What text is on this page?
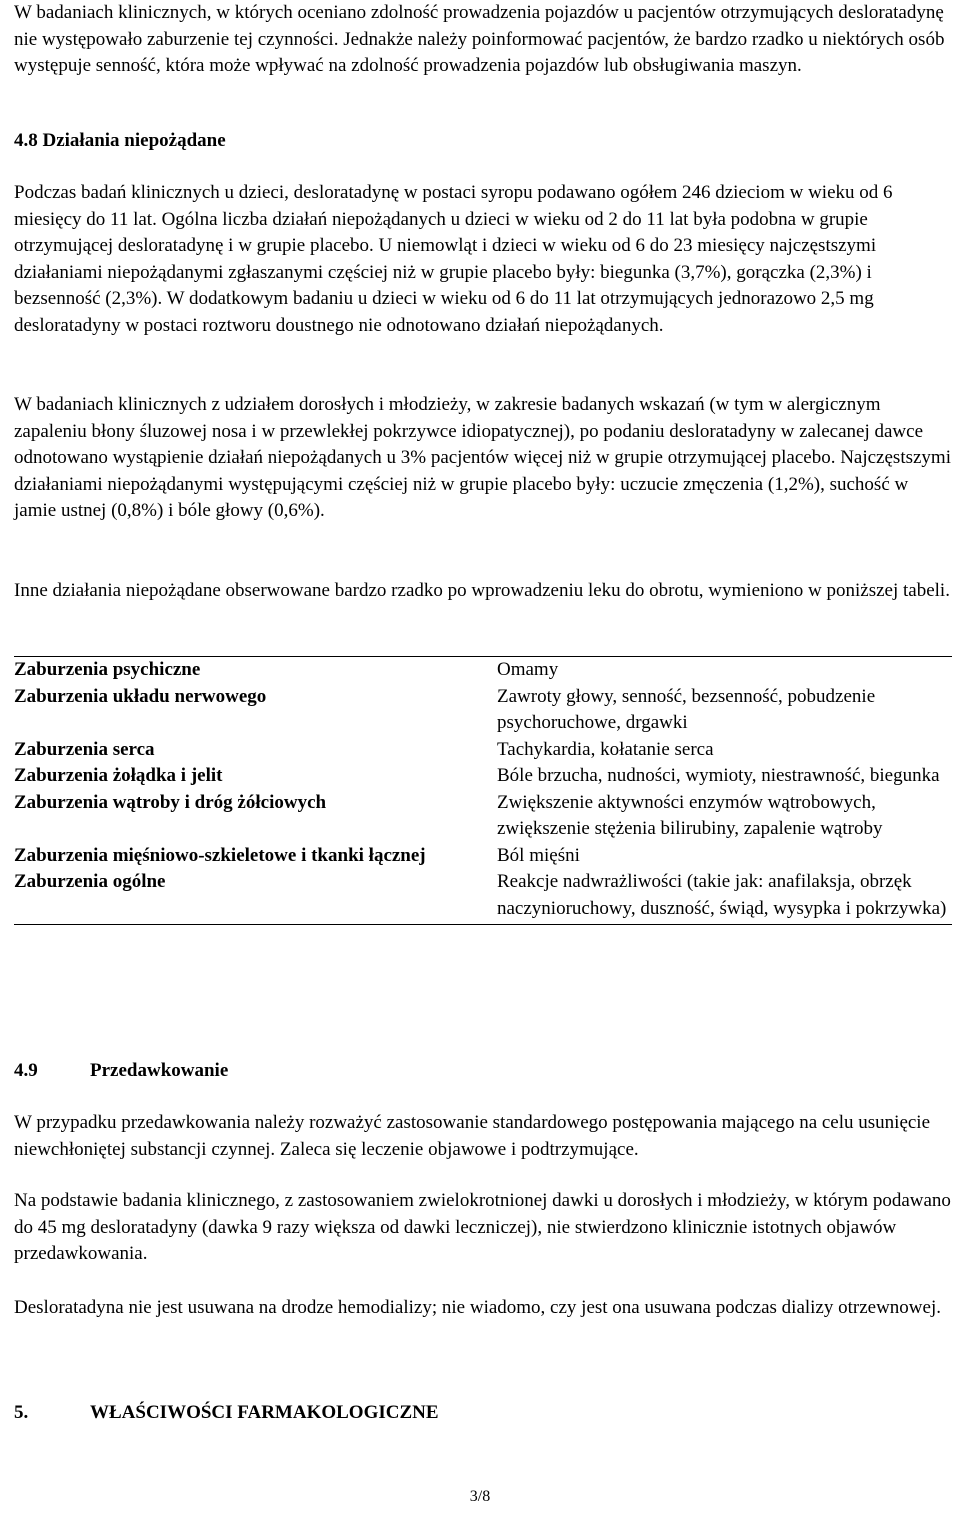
W badaniach klinicznych, w których oceniano zdolność prowadzenia pojazdów u pacjentów otrzymujących desloratadynę nie występowało zaburzenie tej czynności. Jednakże należy poinformować pacjentów, że bardzo rzadko u niektórych osób występuje senność, która może wpływać na zdolność prowadzenia pojazdów lub obsługiwania maszyn.

4.8 Działania niepożądane

Podczas badań klinicznych u dzieci, desloratadynę w postaci syropu podawano ogółem 246 dzieciom w wieku od 6 miesięcy do 11 lat. Ogólna liczba działań niepożądanych u dzieci w wieku od 2 do 11 lat była podobna w grupie otrzymującej desloratadynę i w grupie placebo. U niemowląt i dzieci w wieku od 6 do 23 miesięcy najczęstszymi działaniami niepożądanymi zgłaszanymi częściej niż w grupie placebo były: biegunka (3,7%), gorączka (2,3%) i bezsenność (2,3%). W dodatkowym badaniu u dzieci w wieku od 6 do 11 lat otrzymujących jednorazowo 2,5 mg desloratadyny w postaci roztworu doustnego nie odnotowano działań niepożądanych.

W badaniach klinicznych z udziałem dorosłych i młodzieży, w zakresie badanych wskazań (w tym w alergicznym zapaleniu błony śluzowej nosa i w przewlekłej pokrzywce idiopatycznej), po podaniu desloratadyny w zalecanej dawce odnotowano wystąpienie działań niepożądanych u 3% pacjentów więcej niż w grupie otrzymującej placebo. Najczęstszymi działaniami niepożądanymi występującymi częściej niż w grupie placebo były: uczucie zmęczenia (1,2%), suchość w jamie ustnej (0,8%) i bóle głowy (0,6%).

Inne działania niepożądane obserwowane bardzo rzadko po wprowadzeniu leku do obrotu, wymieniono w poniższej tabeli.

Zaburzenia psychiczne	Omamy
Zaburzenia układu nerwowego	Zawroty głowy, senność, bezsenność, pobudzenie psychoruchowe, drgawki
Zaburzenia serca	Tachykardia, kołatanie serca
Zaburzenia żołądka i jelit	Bóle brzucha, nudności, wymioty, niestrawność, biegunka
Zaburzenia wątroby i dróg żółciowych	Zwiększenie aktywności enzymów wątrobowych, zwiększenie stężenia bilirubiny, zapalenie wątroby
Zaburzenia mięśniowo-szkieletowe i tkanki łącznej	Ból mięśni
Zaburzenia ogólne	Reakcje nadwrażliwości (takie jak: anafilaksja, obrzęk naczynioruchowy, duszność, świąd, wysypka i pokrzywka)
4.9	Przedawkowanie

W przypadku przedawkowania należy rozważyć zastosowanie standardowego postępowania mającego na celu usunięcie niewchłoniętej substancji czynnej. Zaleca się leczenie objawowe i podtrzymujące.

Na podstawie badania klinicznego, z zastosowaniem zwielokrotnionej dawki u dorosłych i młodzieży, w którym podawano do 45 mg desloratadyny (dawka 9 razy większa od dawki leczniczej), nie stwierdzono klinicznie istotnych objawów przedawkowania.

Desloratadyna nie jest usuwana na drodze hemodializy; nie wiadomo, czy jest ona usuwana podczas dializy otrzewnowej.

5.	WŁAŚCIWOŚCI FARMAKOLOGICZNE
3/8
